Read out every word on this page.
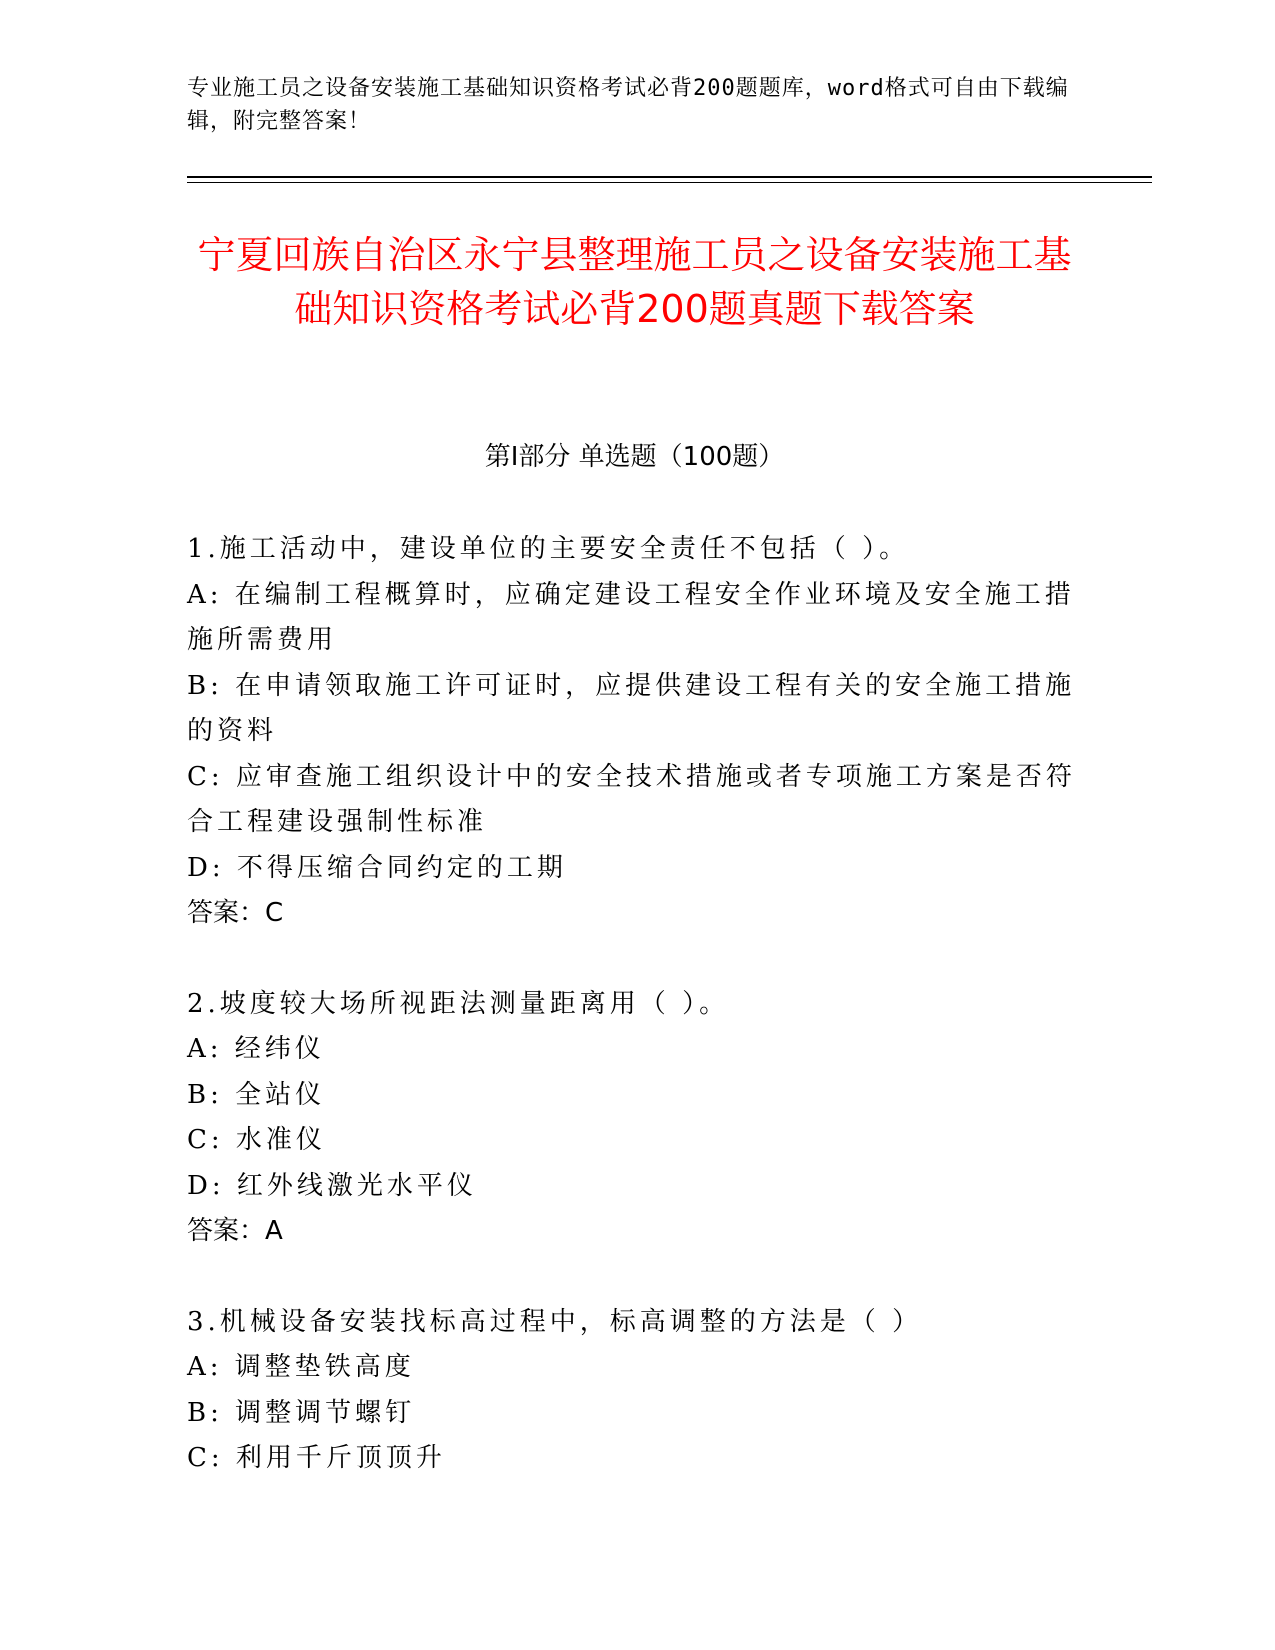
专业施工员之设备安装施工基础知识资格考试必背200题题库，word格式可自由下载编辑，附完整答案！
宁夏回族自治区永宁县整理施工员之设备安装施工基础知识资格考试必背200题真题下载答案
第Ⅰ部分 单选题（100题）
1.施工活动中，建设单位的主要安全责任不包括（ ）。
A: 在编制工程概算时，应确定建设工程安全作业环境及安全施工措施所需费用
B: 在申请领取施工许可证时，应提供建设工程有关的安全施工措施的资料
C: 应审查施工组织设计中的安全技术措施或者专项施工方案是否符合工程建设强制性标准
D: 不得压缩合同约定的工期
答案：C
2.坡度较大场所视距法测量距离用（ ）。
A: 经纬仪
B: 全站仪
C: 水准仪
D: 红外线激光水平仪
答案：A
3.机械设备安装找标高过程中，标高调整的方法是（ ）
A: 调整垫铁高度
B: 调整调节螺钉
C: 利用千斤顶顶升
